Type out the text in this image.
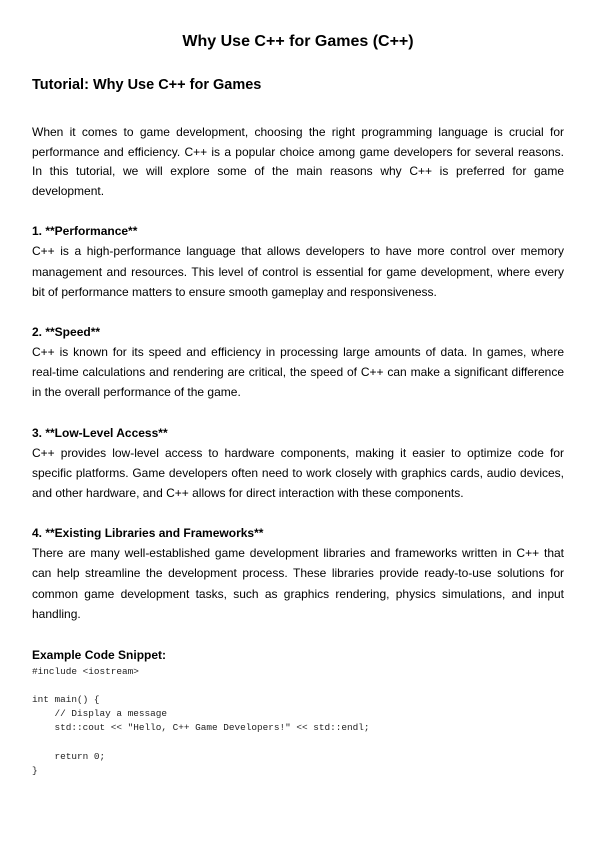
Why Use C++ for Games (C++)
Tutorial: Why Use C++ for Games

When it comes to game development, choosing the right programming language is crucial for performance and efficiency. C++ is a popular choice among game developers for several reasons. In this tutorial, we will explore some of the main reasons why C++ is preferred for game development.

1. **Performance**

C++ is a high-performance language that allows developers to have more control over memory management and resources. This level of control is essential for game development, where every bit of performance matters to ensure smooth gameplay and responsiveness.

2. **Speed**

C++ is known for its speed and efficiency in processing large amounts of data. In games, where real-time calculations and rendering are critical, the speed of C++ can make a significant difference in the overall performance of the game.

3. **Low-Level Access**

C++ provides low-level access to hardware components, making it easier to optimize code for specific platforms. Game developers often need to work closely with graphics cards, audio devices, and other hardware, and C++ allows for direct interaction with these components.

4. **Existing Libraries and Frameworks**

There are many well-established game development libraries and frameworks written in C++ that can help streamline the development process. These libraries provide ready-to-use solutions for common game development tasks, such as graphics rendering, physics simulations, and input handling.

Example Code Snippet:
#include <iostream>

int main() {
// Display a message
std::cout << "Hello, C++ Game Developers!" << std::endl;

return 0;
}
